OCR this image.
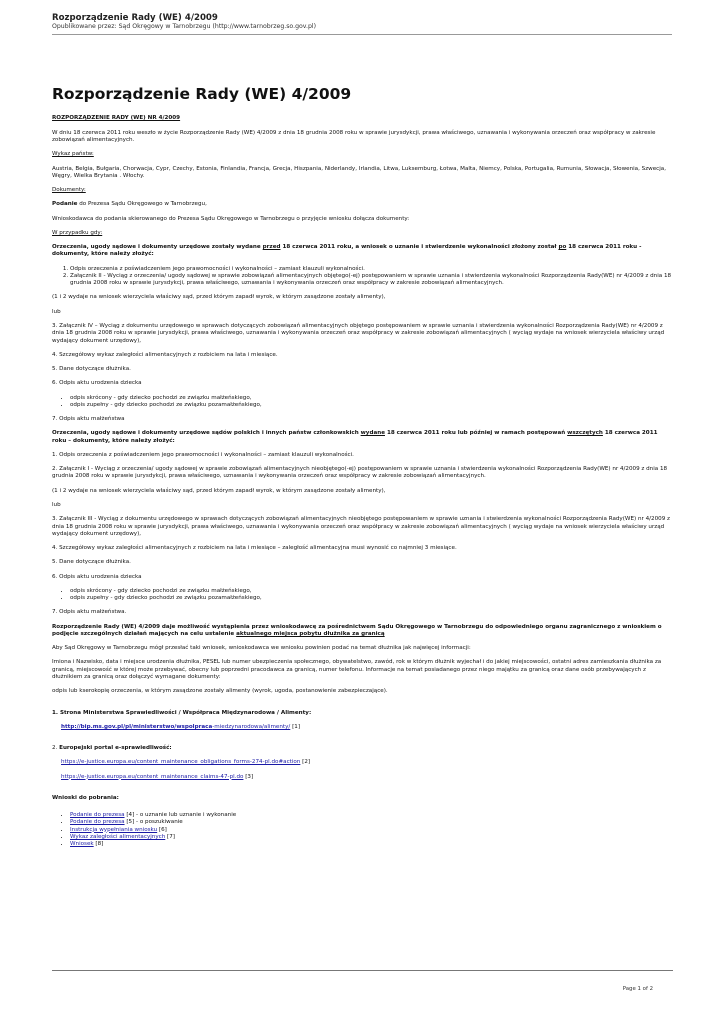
Rozporządzenie Rady (WE) 4/2009
Opublikowane przez: Sąd Okręgowy w Tarnobrzegu (http://www.tarnobrzeg.so.gov.pl)
Rozporządzenie Rady (WE) 4/2009

ROZPORZĄDZENIE RADY (WE) NR 4/2009

W dniu 18 czerwca 2011 roku weszło w życie Rozporządzenie Rady (WE) 4/2009 z dnia 18 grudnia 2008 roku w sprawie jurysdykcji, prawa właściwego, uznawania i wykonywania orzeczeń oraz współpracy w zakresie zobowiązań alimentacyjnych.

Wykaz państw:

Austria, Belgia, Bułgaria, Chorwacja, Cypr, Czechy, Estonia, Finlandia, Francja, Grecja, Hiszpania, Niderlandy, Irlandia, Litwa, Luksemburg, Łotwa, Malta, Niemcy, Polska, Portugalia, Rumunia, Słowacja, Słowenia, Szwecja, Węgry, Wielka Brytania . Włochy.

Dokumenty:

Podanie do Prezesa Sądu Okręgowego w Tarnobrzegu,

Wnioskodawca do podania skierowanego do Prezesa Sądu Okręgowego w Tarnobrzegu o przyjęcie wniosku dołącza dokumenty:

W przypadku gdy:

Orzeczenia, ugody sądowe i dokumenty urzędowe zostały wydane przed 18 czerwca 2011 roku, a wniosek o uznanie i stwierdzenie wykonalności złożony został po 18 czerwca 2011 roku - dokumenty, które należy złożyć:

1. Odpis orzeczenia z poświadczeniem jego prawomocności i wykonalności – zamiast klauzuli wykonalności.
2. Załącznik II - Wyciąg z orzeczenia/ ugody sądowej w sprawie zobowiązań alimentacyjnych objętego(-ej) postępowaniem w sprawie uznania i stwierdzenia wykonalności Rozporządzenia Rady(WE) nr 4/2009 z dnia 18 grudnia 2008 roku w sprawie jurysdykcji, prawa właściwego, uznawania i wykonywania orzeczeń oraz współpracy w zakresie zobowiązań alimentacyjnych.

(1 i 2 wydaje na wniosek wierzyciela właściwy sąd, przed którym zapadł wyrok, w którym zasądzone zostały alimenty),

lub

3. Załącznik IV – Wyciąg z dokumentu urzędowego w sprawach dotyczących zobowiązań alimentacyjnych objętego postępowaniem w sprawie uznania i stwierdzenia wykonalności Rozporządzenia Rady(WE) nr 4/2009 z dnia 18 grudnia 2008 roku w sprawie jurysdykcji, prawa właściwego, uznawania i wykonywania orzeczeń oraz współpracy w zakresie zobowiązań alimentacyjnych ( wyciąg wydaje na wniosek wierzyciela właściwy urząd wydający dokument urzędowy),

4. Szczegółowy wykaz zaległości alimentacyjnych z rozbiciem na lata i miesiące.

5. Dane dotyczące dłużnika.

6. Odpis aktu urodzenia dziecka

• odpis skrócony - gdy dziecko pochodzi ze związku małżeńskiego,
• odpis zupełny - gdy dziecko pochodzi ze związku pozamałżeńskiego,

7. Odpis aktu małżeństwa

Orzeczenia, ugody sądowe i dokumenty urzędowe sądów polskich i innych państw członkowskich wydane 18 czerwca 2011 roku lub później w ramach postępowań wszczętych 18 czerwca 2011 roku – dokumenty, które należy złożyć:

1. Odpis orzeczenia z poświadczeniem jego prawomocności i wykonalności – zamiast klauzuli wykonalności.

2. Załącznik I - Wyciąg z orzeczenia/ ugody sądowej w sprawie zobowiązań alimentacyjnych nieobjętego(-ej) postępowaniem w sprawie uznania i stwierdzenia wykonalności Rozporządzenia Rady(WE) nr 4/2009 z dnia 18 grudnia 2008 roku w sprawie jurysdykcji, prawa właściwego, uznawania i wykonywania orzeczeń oraz współpracy w zakresie zobowiązań alimentacyjnych.

(1 i 2 wydaje na wniosek wierzyciela właściwy sąd, przed którym zapadł wyrok, w którym zasądzone zostały alimenty),

lub

3. Załącznik III - Wyciąg z dokumentu urzędowego w sprawach dotyczących zobowiązań alimentacyjnych nieobjętego postępowaniem w sprawie uznania i stwierdzenia wykonalności Rozporządzenia Rady(WE) nr 4/2009 z dnia 18 grudnia 2008 roku w sprawie jurysdykcji, prawa właściwego, uznawania i wykonywania orzeczeń oraz współpracy w zakresie zobowiązań alimentacyjnych ( wyciąg wydaje na wniosek wierzyciela właściwy urząd wydający dokument urzędowy),

4. Szczegółowy wykaz zaległości alimentacyjnych z rozbiciem na lata i miesiące – zaległość alimentacyjna musi wynosić co najmniej 3 miesiące.

5. Dane dotyczące dłużnika.

6. Odpis aktu urodzenia dziecka

• odpis skrócony - gdy dziecko pochodzi ze związku małżeńskiego,
• odpis zupełny - gdy dziecko pochodzi ze związku pozamałżeńskiego,

7. Odpis aktu małżeństwa.

Rozporządzenie Rady (WE) 4/2009 daje możliwość wystąpienia przez wnioskodawcę za pośrednictwem Sądu Okręgowego w Tarnobrzegu do odpowiedniego organu zagranicznego z wnioskiem o podjęcie szczególnych działań mających na celu ustalenie aktualnego miejsca pobytu dłużnika za granicą

Aby Sąd Okręgowy w Tarnobrzegu mógł przesłać taki wniosek, wnioskodawca we wniosku powinien podać na temat dłużnika jak najwięcej informacji:

Imiona i Nazwisko, data i miejsce urodzenia dłużnika, PESEL lub numer ubezpieczenia społecznego, obywatelstwo, zawód, rok w którym dłużnik wyjechał i do jakiej miejscowości, ostatni adres zamieszkania dłużnika za granicą, miejscowość w której może przebywać, obecny lub poprzedni pracodawca za granicą, numer telefonu. Informacje na temat posiadanego przez niego majątku za granicą oraz dane osób przebywających z dłużnikiem za granicą oraz dołączyć wymagane dokumenty:

odpis lub kserokopię orzeczenia, w którym zasądzone zostały alimenty (wyrok, ugoda, postanowienie zabezpieczające).

1. Strona Ministerstwa Sprawiedliwości / Współpraca Międzynarodowa / Alimenty:

http://bip.ms.gov.pl/pl/ministerstwo/wspolpraca-miedzynarodowa/alimenty/ [1]

2. Europejski portal e-sprawiedliwość:

https://e-justice.europa.eu/content_maintenance_obligations_forms-274-pl.do#action [2]

https://e-justice.europa.eu/content_maintenance_claims-47-pl.do [3]

Wnioski do pobrania:

• Podanie do prezesa [4] - o uznanie lub uznanie i wykonanie
• Podanie do prezesa [5] - o poszukiwanie
• Instrukcja wypełniania wniosku [6]
• Wykaz zaległości alimentacyjnych [7]
• Wniosek [8]
Page 1 of 2
